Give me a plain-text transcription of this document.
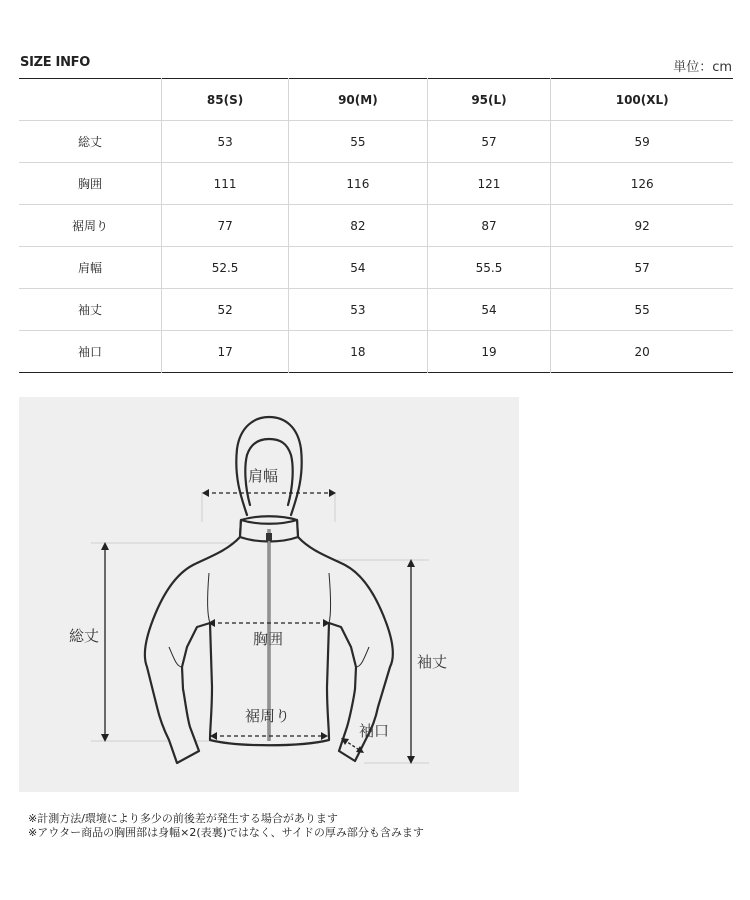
SIZE INFO	単位：cm
	85(S)	90(M)	95(L)	100(XL)
総丈	53	55	57	59
胸囲	111	116	121	126
裾周り	77	82	87	92
肩幅	52.5	54	55.5	57
袖丈	52	53	54	55
袖口	17	18	19	20
肩幅
総丈	胸囲
袖丈
裾周り
袖口
※計測方法/環境により多少の前後差が発生する場合があります
※アウター商品の胸囲部は身幅×2(表裏)ではなく、サイドの厚み部分も含みます
